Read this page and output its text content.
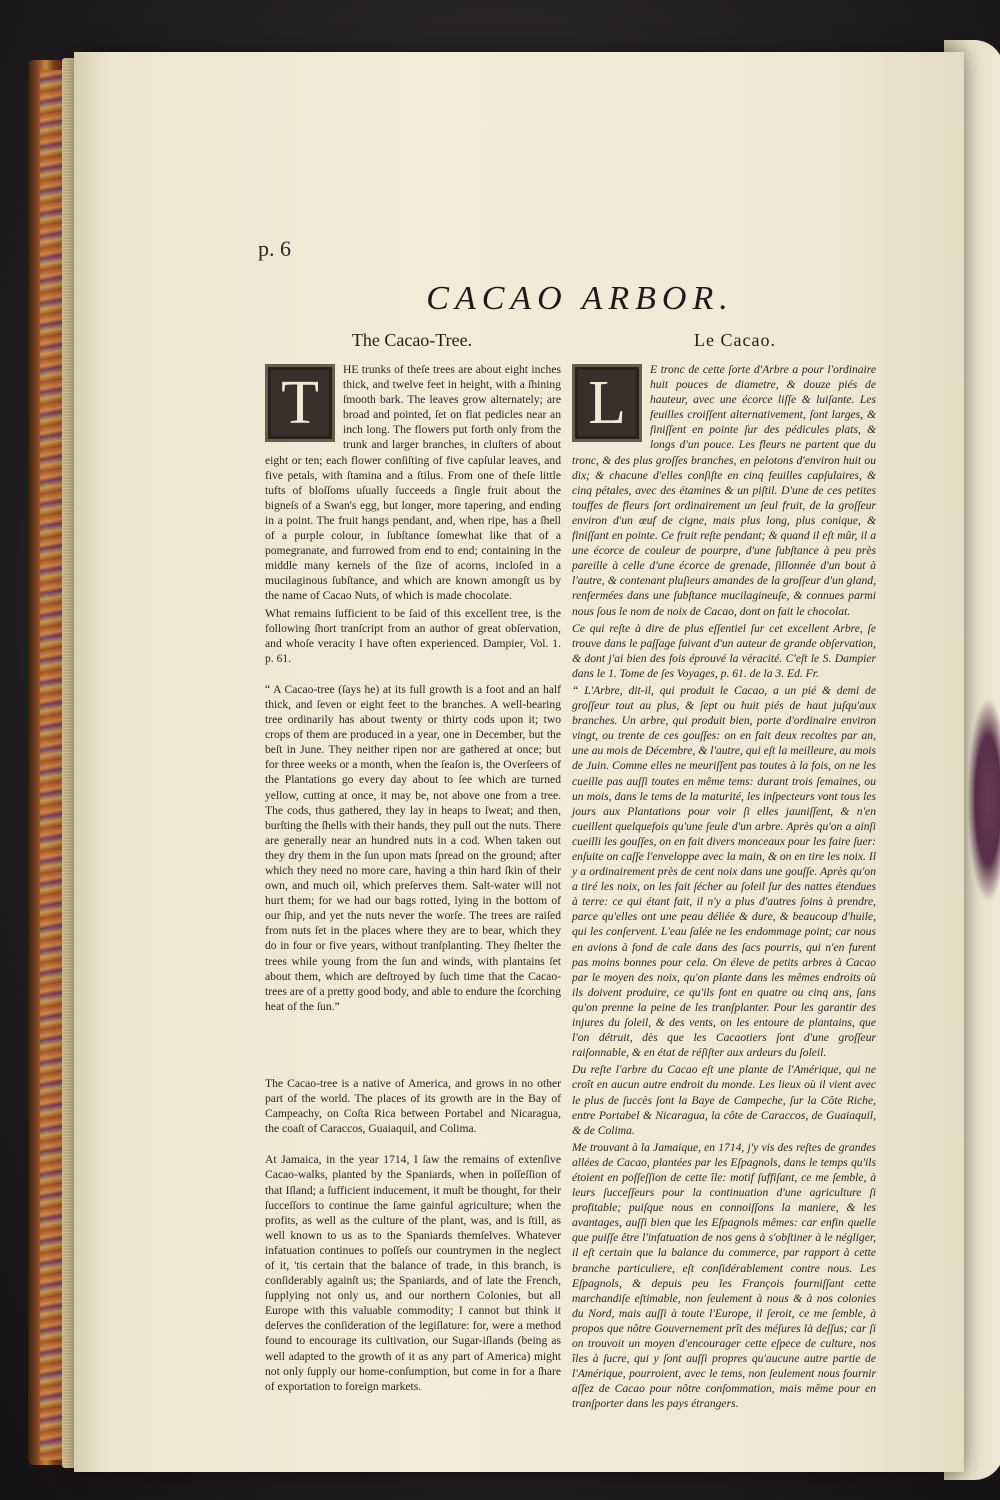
p. 6
CACAO ARBOR.
The Cacao-Tree.	Le Cacao.

T	HE trunks of theſe trees are about eight inches thick, and twelve feet in height, with a ſhining ſmooth bark. The leaves grow alternately; are broad and pointed, ſet on flat pedicles near an inch long. The flowers put forth only from the trunk and larger branches, in cluſters of about eight or ten; each flower conſiſting of five capſular leaves, and five petals, with ſtamina and a ſtilus. From one of theſe little tufts of bloſſoms uſually ſucceeds a ſingle fruit about the bigneſs of a Swan's egg, but longer, more tapering, and ending in a point. The fruit hangs pendant, and, when ripe, has a ſhell of a purple colour, in ſubſtance ſomewhat like that of a pomegranate, and furrowed from end to end; containing in the middle many kernels of the ſize of acorns, incloſed in a mucilaginous ſubſtance, and which are known amongſt us by the name of Cacao Nuts, of which is made chocolate.

What remains ſufficient to be ſaid of this excellent tree, is the following ſhort tranſcript from an author of great obſervation, and whoſe veracity I have often experienced. Dampier, Vol. 1. p. 61.

“ A Cacao-tree (ſays he) at its full growth is a foot and an half thick, and ſeven or eight feet to the branches. A well-bearing tree ordinarily has about twenty or thirty cods upon it; two crops of them are produced in a year, one in December, but the beſt in June. They neither ripen nor are gathered at once; but for three weeks or a month, when the ſeaſon is, the Overſeers of the Plantations go every day about to ſee which are turned yellow, cutting at once, it may be, not above one from a tree. The cods, thus gathered, they lay in heaps to ſweat; and then, burſting the ſhells with their hands, they pull out the nuts. There are generally near an hundred nuts in a cod. When taken out they dry them in the ſun upon mats ſpread on the ground; after which they need no more care, having a thin hard ſkin of their own, and much oil, which preſerves them. Salt-water will not hurt them; for we had our bags rotted, lying in the bottom of our ſhip, and yet the nuts never the worſe. The trees are raiſed from nuts ſet in the places where they are to bear, which they do in four or five years, without tranſplanting. They ſhelter the trees while young from the ſun and winds, with plantains ſet about them, which are deſtroyed by ſuch time that the Cacao-trees are of a pretty good body, and able to endure the ſcorching heat of the ſun.”

The Cacao-tree is a native of America, and grows in no other part of the world. The places of its growth are in the Bay of Campeachy, on Coſta Rica between Portabel and Nicaragua, the coaſt of Caraccos, Guaiaquil, and Colima.

At Jamaica, in the year 1714, I ſaw the remains of extenſive Cacao-walks, planted by the Spaniards, when in poſſeſſion of that Iſland; a ſufficient inducement, it muſt be thought, for their ſucceſſors to continue the ſame gainful agriculture; when the profits, as well as the culture of the plant, was, and is ſtill, as well known to us as to the Spaniards themſelves. Whatever infatuation continues to poſſeſs our countrymen in the neglect of it, 'tis certain that the balance of trade, in this branch, is conſiderably againſt us; the Spaniards, and of late the French, ſupplying not only us, and our northern Colonies, but all Europe with this valuable commodity; I cannot but think it deſerves the conſideration of the legiſlature: for, were a method found to encourage its cultivation, our Sugar-iſlands (being as well adapted to the growth of it as any part of America) might not only ſupply our home-conſumption, but come in for a ſhare of exportation to foreign markets.

L	E tronc de cette ſorte d'Arbre a pour l'ordinaire huit pouces de diametre, & douze piés de hauteur, avec une écorce liſſe & luiſante. Les feuilles croiſſent alternativement, ſont larges, & finiſſent en pointe ſur des pédicules plats, & longs d'un pouce. Les fleurs ne partent que du tronc, & des plus groſſes branches, en pelotons d'environ huit ou dix; & chacune d'elles conſiſte en cinq feuilles capſulaires, & cinq pétales, avec des étamines & un piſtil. D'une de ces petites touffes de fleurs ſort ordinairement un ſeul fruit, de la groſſeur environ d'un œuf de cigne, mais plus long, plus conique, & finiſſant en pointe. Ce fruit reſte pendant; & quand il eſt mûr, il a une écorce de couleur de pourpre, d'une ſubſtance à peu près pareille à celle d'une écorce de grenade, ſillonnée d'un bout à l'autre, & contenant pluſieurs amandes de la groſſeur d'un gland, renfermées dans une ſubſtance mucilagineuſe, & connues parmi nous ſous le nom de noix de Cacao, dont on fait le chocolat.

Ce qui reſte à dire de plus eſſentiel ſur cet excellent Arbre, ſe trouve dans le paſſage ſuivant d'un auteur de grande obſervation, & dont j'ai bien des fois éprouvé la véracité. C'eſt le S. Dampier dans le 1. Tome de ſes Voyages, p. 61. de la 3. Ed. Fr.

“ L'Arbre, dit-il, qui produit le Cacao, a un pié & demi de groſſeur tout au plus, & ſept ou huit piés de haut juſqu'aux branches. Un arbre, qui produit bien, porte d'ordinaire environ vingt, ou trente de ces gouſſes: on en fait deux recoltes par an, une au mois de Décembre, & l'autre, qui eſt la meilleure, au mois de Juin. Comme elles ne meuriſſent pas toutes à la fois, on ne les cueille pas auſſi toutes en même tems: durant trois ſemaines, ou un mois, dans le tems de la maturité, les inſpecteurs vont tous les jours aux Plantations pour voir ſi elles jauniſſent, & n'en cueillent quelquefois qu'une ſeule d'un arbre. Après qu'on a ainſi cueilli les gouſſes, on en fait divers monceaux pour les faire ſuer: enſuite on caſſe l'enveloppe avec la main, & on en tire les noix. Il y a ordinairement près de cent noix dans une gouſſe. Après qu'on a tiré les noix, on les fait ſécher au ſoleil ſur des nattes étendues à terre: ce qui étant fait, il n'y a plus d'autres ſoins à prendre, parce qu'elles ont une peau déliée & dure, & beaucoup d'huile, qui les conſervent. L'eau ſalée ne les endommage point; car nous en avions à fond de cale dans des ſacs pourris, qui n'en furent pas moins bonnes pour cela. On éleve de petits arbres à Cacao par le moyen des noix, qu'on plante dans les mêmes endroits où ils doivent produire, ce qu'ils font en quatre ou cinq ans, ſans qu'on prenne la peine de les tranſplanter. Pour les garantir des injures du ſoleil, & des vents, on les entoure de plantains, que l'on détruit, dès que les Cacaotiers ſont d'une groſſeur raiſonnable, & en état de réſiſter aux ardeurs du ſoleil.

Du reſte l'arbre du Cacao eſt une plante de l'Amérique, qui ne croît en aucun autre endroit du monde. Les lieux où il vient avec le plus de ſuccès ſont la Baye de Campeche, ſur la Côte Riche, entre Portabel & Nicaragua, la côte de Caraccos, de Guaiaquil, & de Colima.

Me trouvant à la Jamaique, en 1714, j'y vis des reſtes de grandes allées de Cacao, plantées par les Eſpagnols, dans le temps qu'ils étoient en poſſeſſion de cette île: motif ſuffiſant, ce me ſemble, à leurs ſucceſſeurs pour la continuation d'une agriculture ſi profitable; puiſque nous en connoiſſons la maniere, & les avantages, auſſi bien que les Eſpagnols mêmes: car enfin quelle que puiſſe être l'infatuation de nos gens à s'obſtiner à le négliger, il eſt certain que la balance du commerce, par rapport à cette branche particuliere, eſt conſidérablement contre nous. Les Eſpagnols, & depuis peu les François fourniſſant cette marchandiſe eſtimable, non ſeulement à nous & à nos colonies du Nord, mais auſſi à toute l'Europe, il ſeroit, ce me ſemble, à propos que nôtre Gouvernement prît des méſures là deſſus; car ſi on trouvoit un moyen d'encourager cette eſpece de culture, nos îles à ſucre, qui y ſont auſſi propres qu'aucune autre partie de l'Amérique, pourroient, avec le tems, non ſeulement nous fournir aſſez de Cacao pour nôtre conſommation, mais même pour en tranſporter dans les pays étrangers.
